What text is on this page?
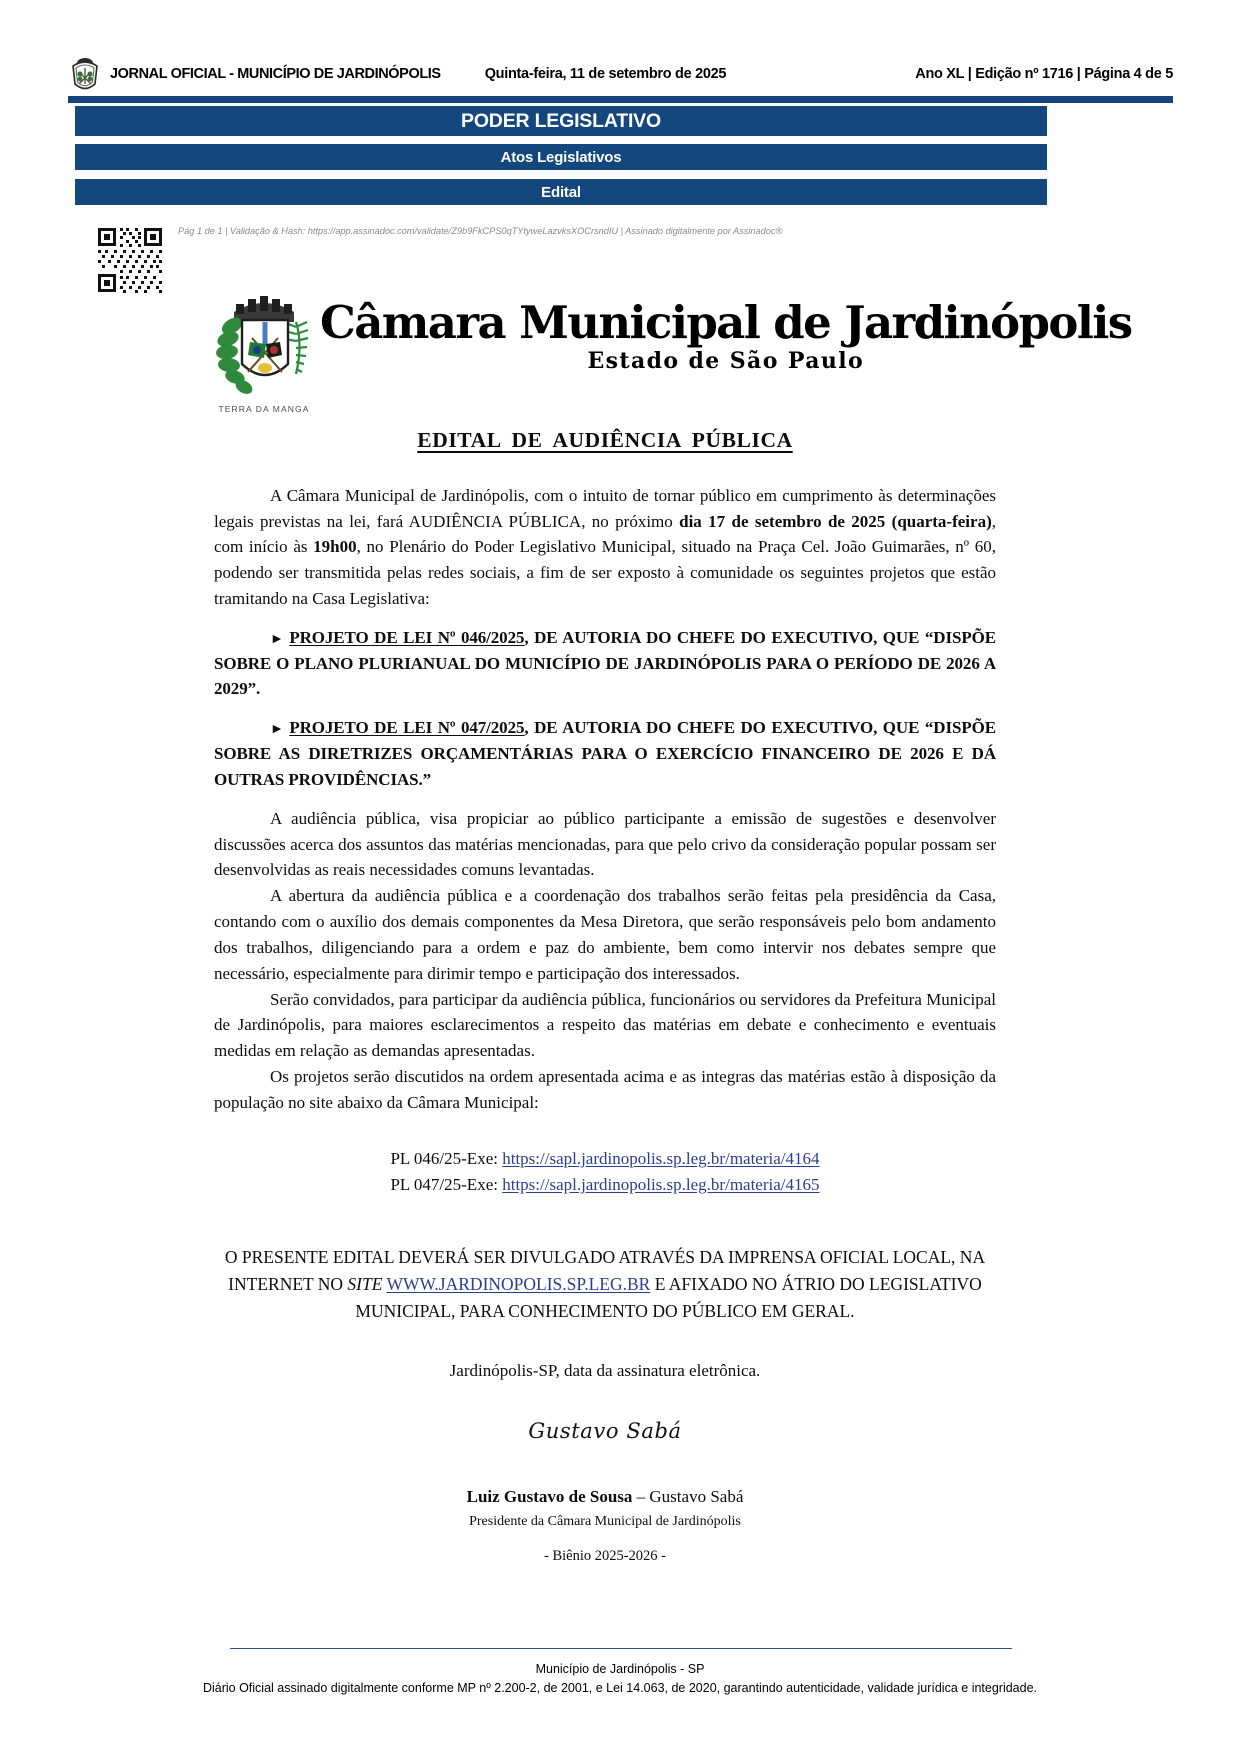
JORNAL OFICIAL - MUNICÍPIO DE JARDINÓPOLIS	Quinta-feira, 11 de setembro de 2025	Ano XL | Edição nº 1716 | Página 4 de 5
PODER LEGISLATIVO
Atos Legislativos
Edital
Pág 1 de 1 | Validação & Hash: https://app.assinadoc.com/validate/Z9b9FkCPS0qTYtyweLazvksXOCrsndIU | Assinado digitalmente por Assinadoc®
TERRA DA MANGA
Câmara Municipal de Jardinópolis
Estado de São Paulo
EDITAL DE AUDIÊNCIA PÚBLICA

A Câmara Municipal de Jardinópolis, com o intuito de tornar público em cumprimento às determinações legais previstas na lei, fará AUDIÊNCIA PÚBLICA, no próximo dia 17 de setembro de 2025 (quarta-feira), com início às 19h00, no Plenário do Poder Legislativo Municipal, situado na Praça Cel. João Guimarães, nº 60, podendo ser transmitida pelas redes sociais, a fim de ser exposto à comunidade os seguintes projetos que estão tramitando na Casa Legislativa:

► PROJETO DE LEI Nº 046/2025, DE AUTORIA DO CHEFE DO EXECUTIVO, QUE “DISPÕE SOBRE O PLANO PLURIANUAL DO MUNICÍPIO DE JARDINÓPOLIS PARA O PERÍODO DE 2026 A 2029”.

► PROJETO DE LEI Nº 047/2025, DE AUTORIA DO CHEFE DO EXECUTIVO, QUE “DISPÕE SOBRE AS DIRETRIZES ORÇAMENTÁRIAS PARA O EXERCÍCIO FINANCEIRO DE 2026 E DÁ OUTRAS PROVIDÊNCIAS.”

A audiência pública, visa propiciar ao público participante a emissão de sugestões e desenvolver discussões acerca dos assuntos das matérias mencionadas, para que pelo crivo da consideração popular possam ser desenvolvidas as reais necessidades comuns levantadas.

A abertura da audiência pública e a coordenação dos trabalhos serão feitas pela presidência da Casa, contando com o auxílio dos demais componentes da Mesa Diretora, que serão responsáveis pelo bom andamento dos trabalhos, diligenciando para a ordem e paz do ambiente, bem como intervir nos debates sempre que necessário, especialmente para dirimir tempo e participação dos interessados.

Serão convidados, para participar da audiência pública, funcionários ou servidores da Prefeitura Municipal de Jardinópolis, para maiores esclarecimentos a respeito das matérias em debate e conhecimento e eventuais medidas em relação as demandas apresentadas.

Os projetos serão discutidos na ordem apresentada acima e as integras das matérias estão à disposição da população no site abaixo da Câmara Municipal:

PL 046/25-Exe: https://sapl.jardinopolis.sp.leg.br/materia/4164
PL 047/25-Exe: https://sapl.jardinopolis.sp.leg.br/materia/4165
O PRESENTE EDITAL DEVERÁ SER DIVULGADO ATRAVÉS DA IMPRENSA OFICIAL LOCAL, NA INTERNET NO SITE WWW.JARDINOPOLIS.SP.LEG.BR E AFIXADO NO ÁTRIO DO LEGISLATIVO MUNICIPAL, PARA CONHECIMENTO DO PÚBLICO EM GERAL.
Jardinópolis-SP, data da assinatura eletrônica.
Gustavo Sabá
Luiz Gustavo de Sousa – Gustavo Sabá
Presidente da Câmara Municipal de Jardinópolis
- Biênio 2025-2026 -
Município de Jardinópolis - SP
Diário Oficial assinado digitalmente conforme MP nº 2.200-2, de 2001, e Lei 14.063, de 2020, garantindo autenticidade, validade jurídica e integridade.
